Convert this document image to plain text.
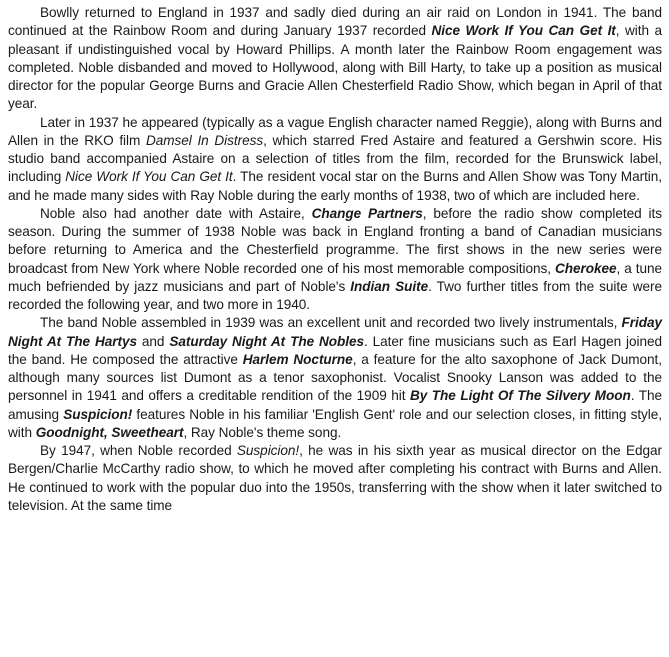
Bowlly returned to England in 1937 and sadly died during an air raid on London in 1941. The band continued at the Rainbow Room and during January 1937 recorded Nice Work If You Can Get It, with a pleasant if undistinguished vocal by Howard Phillips. A month later the Rainbow Room engagement was completed. Noble disbanded and moved to Hollywood, along with Bill Harty, to take up a position as musical director for the popular George Burns and Gracie Allen Chesterfield Radio Show, which began in April of that year.

Later in 1937 he appeared (typically as a vague English character named Reggie), along with Burns and Allen in the RKO film Damsel In Distress, which starred Fred Astaire and featured a Gershwin score. His studio band accompanied Astaire on a selection of titles from the film, recorded for the Brunswick label, including Nice Work If You Can Get It. The resident vocal star on the Burns and Allen Show was Tony Martin, and he made many sides with Ray Noble during the early months of 1938, two of which are included here.

Noble also had another date with Astaire, Change Partners, before the radio show completed its season. During the summer of 1938 Noble was back in England fronting a band of Canadian musicians before returning to America and the Chesterfield programme. The first shows in the new series were broadcast from New York where Noble recorded one of his most memorable compositions, Cherokee, a tune much befriended by jazz musicians and part of Noble's Indian Suite. Two further titles from the suite were recorded the following year, and two more in 1940.

The band Noble assembled in 1939 was an excellent unit and recorded two lively instrumentals, Friday Night At The Hartys and Saturday Night At The Nobles. Later fine musicians such as Earl Hagen joined the band. He composed the attractive Harlem Nocturne, a feature for the alto saxophone of Jack Dumont, although many sources list Dumont as a tenor saxophonist. Vocalist Snooky Lanson was added to the personnel in 1941 and offers a creditable rendition of the 1909 hit By The Light Of The Silvery Moon. The amusing Suspicion! features Noble in his familiar 'English Gent' role and our selection closes, in fitting style, with Goodnight, Sweetheart, Ray Noble's theme song.

By 1947, when Noble recorded Suspicion!, he was in his sixth year as musical director on the Edgar Bergen/Charlie McCarthy radio show, to which he moved after completing his contract with Burns and Allen. He continued to work with the popular duo into the 1950s, transferring with the show when it later switched to television. At the same time
